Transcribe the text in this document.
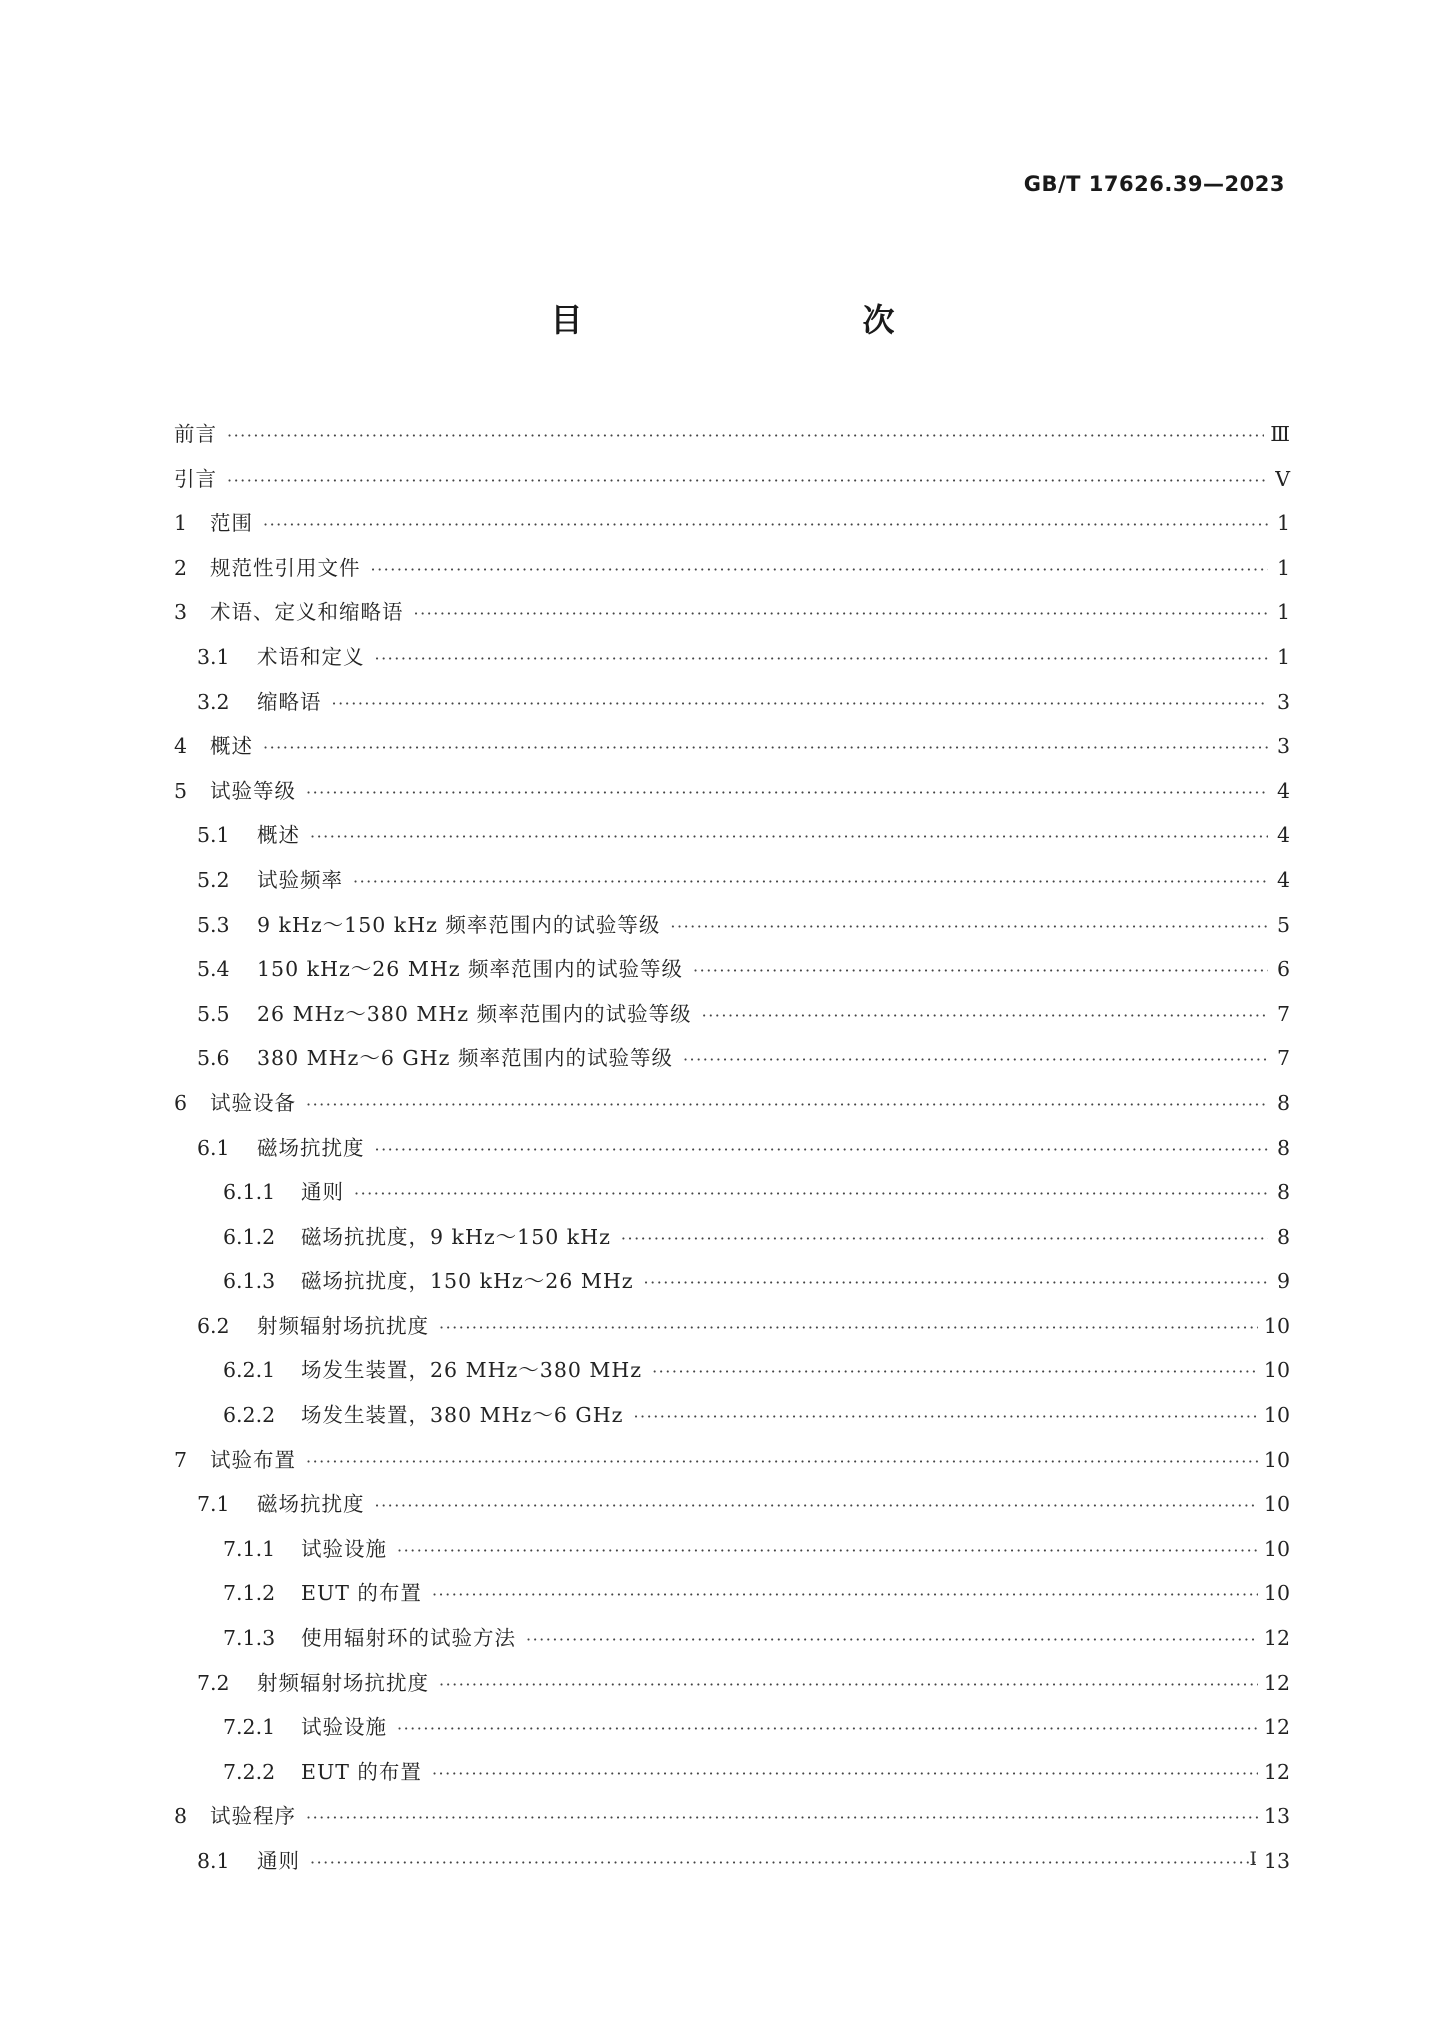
GB/T 17626.39—2023
目　　次
前言 ·····	Ⅲ
引言 ·····	Ⅴ
1	范围 ·····	1
2	规范性引用文件 ·····	1
3	术语、定义和缩略语 ·····	1
3.1	术语和定义 ·····	1
3.2	缩略语 ·····	3
4	概述 ·····	3
5	试验等级 ·····	4
5.1	概述 ·····	4
5.2	试验频率 ·····	4
5.3	9 kHz～150 kHz 频率范围内的试验等级 ·····	5
5.4	150 kHz～26 MHz 频率范围内的试验等级 ·····	6
5.5	26 MHz～380 MHz 频率范围内的试验等级 ·····	7
5.6	380 MHz～6 GHz 频率范围内的试验等级 ·····	7
6	试验设备 ·····	8
6.1	磁场抗扰度 ·····	8
6.1.1	通则 ·····	8
6.1.2	磁场抗扰度，9 kHz～150 kHz ·····	8
6.1.3	磁场抗扰度，150 kHz～26 MHz ·····	9
6.2	射频辐射场抗扰度 ·····	10
6.2.1	场发生装置，26 MHz～380 MHz ·····	10
6.2.2	场发生装置，380 MHz～6 GHz ·····	10
7	试验布置 ·····	10
7.1	磁场抗扰度 ·····	10
7.1.1	试验设施 ·····	10
7.1.2	EUT 的布置 ·····	10
7.1.3	使用辐射环的试验方法 ·····	12
7.2	射频辐射场抗扰度 ·····	12
7.2.1	试验设施 ·····	12
7.2.2	EUT 的布置 ·····	12
8	试验程序 ·····	13
8.1	通则 ·····	13
Ⅰ
